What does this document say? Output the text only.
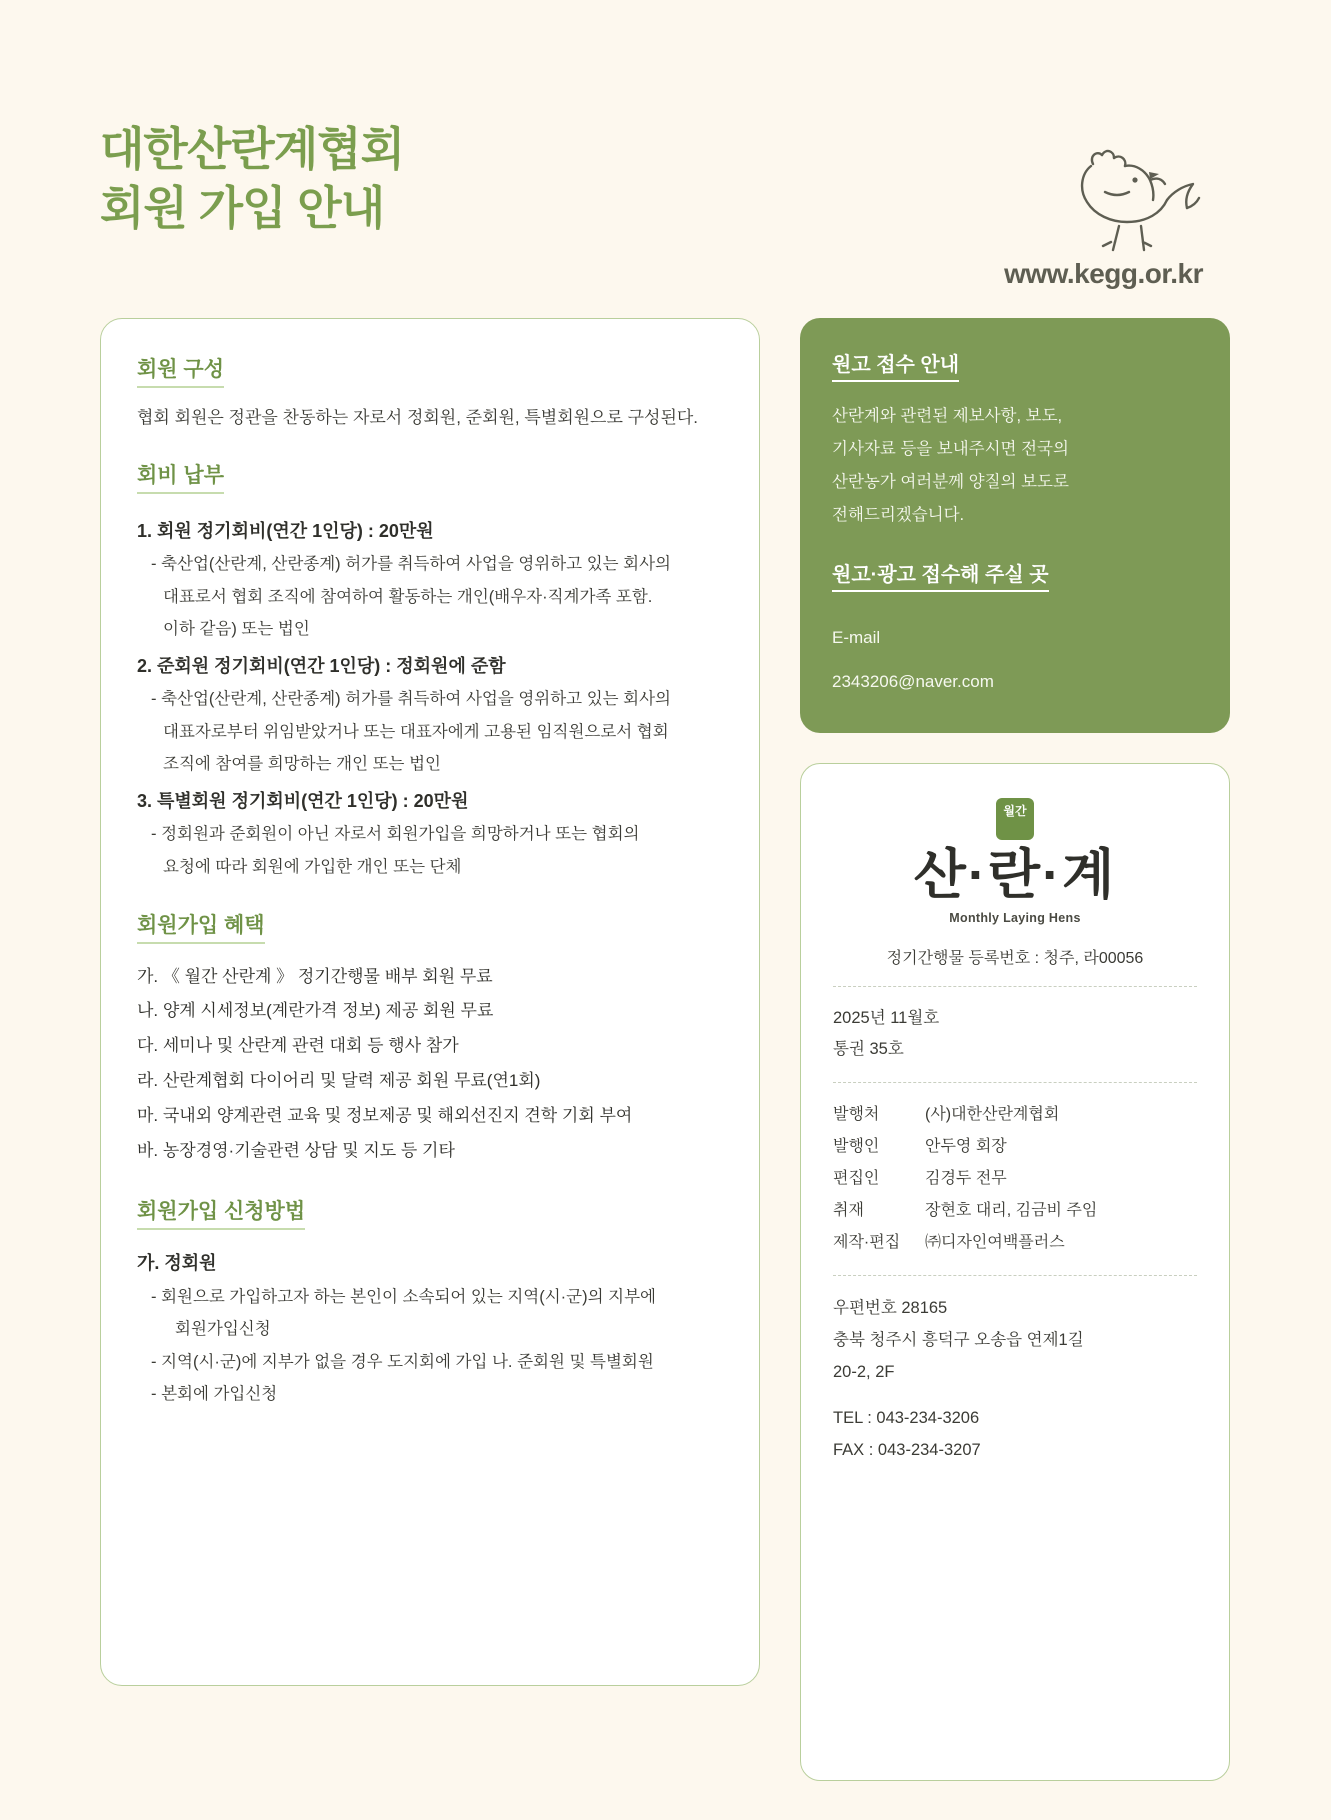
대한산란계협회
회원 가입 안내
www.kegg.or.kr
회원 구성
협회 회원은 정관을 찬동하는 자로서 정회원, 준회원, 특별회원으로 구성된다.
회비 납부
1. 회원 정기회비(연간 1인당) : 20만원
- 축산업(산란계, 산란종계) 허가를 취득하여 사업을 영위하고 있는 회사의
대표로서 협회 조직에 참여하여 활동하는 개인(배우자·직계가족 포함.
이하 같음) 또는 법인
2. 준회원 정기회비(연간 1인당) : 정회원에 준함
- 축산업(산란계, 산란종계) 허가를 취득하여 사업을 영위하고 있는 회사의
대표자로부터 위임받았거나 또는 대표자에게 고용된 임직원으로서 협회
조직에 참여를 희망하는 개인 또는 법인
3. 특별회원 정기회비(연간 1인당) : 20만원
- 정회원과 준회원이 아닌 자로서 회원가입을 희망하거나 또는 협회의
요청에 따라 회원에 가입한 개인 또는 단체
회원가입 혜택
가. 《 월간 산란계 》 정기간행물 배부 회원 무료
나. 양계 시세정보(계란가격 정보) 제공 회원 무료
다. 세미나 및 산란계 관련 대회 등 행사 참가
라. 산란계협회 다이어리 및 달력 제공 회원 무료(연1회)
마. 국내외 양계관련 교육 및 정보제공 및 해외선진지 견학 기회 부여
바. 농장경영·기술관련 상담 및 지도 등 기타
회원가입 신청방법
가. 정회원
- 회원으로 가입하고자 하는 본인이 소속되어 있는 지역(시·군)의 지부에
회원가입신청
- 지역(시·군)에 지부가 없을 경우 도지회에 가입 나. 준회원 및 특별회원
- 본회에 가입신청
원고 접수 안내
산란계와 관련된 제보사항, 보도,
기사자료 등을 보내주시면 전국의
산란농가 여러분께 양질의 보도로
전해드리겠습니다.
원고·광고 접수해 주실 곳
E-mail
2343206@naver.com
월간
산·란·계
Monthly Laying Hens
정기간행물 등록번호 : 청주, 라00056
2025년 11월호
통권 35호
발행처	(사)대한산란계협회
발행인	안두영 회장
편집인	김경두 전무
취재	장현호 대리, 김금비 주임
제작·편집	㈜디자인여백플러스
우편번호 28165
충북 청주시 흥덕구 오송읍 연제1길
20-2, 2F
TEL : 043-234-3206
FAX : 043-234-3207
